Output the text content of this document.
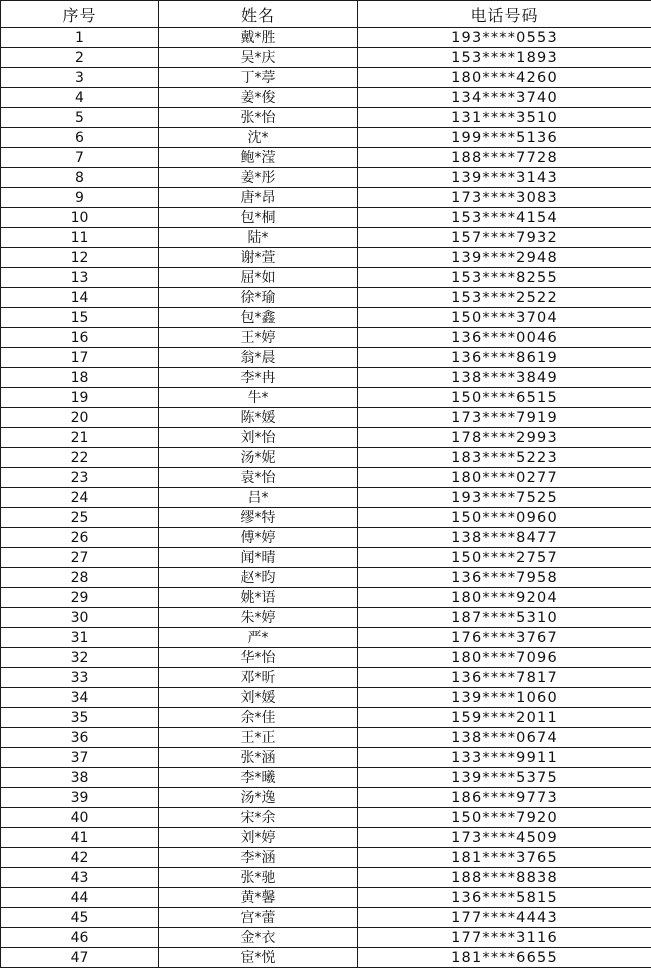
序号	姓名	电话号码
1	戴*胜	193****0553
2	吴*庆	153****1893
3	丁*葶	180****4260
4	姜*俊	134****3740
5	张*怡	131****3510
6	沈*	199****5136
7	鲍*滢	188****7728
8	姜*彤	139****3143
9	唐*昂	173****3083
10	包*桐	153****4154
11	陆*	157****7932
12	谢*萱	139****2948
13	屈*如	153****8255
14	徐*瑜	153****2522
15	包*鑫	150****3704
16	王*婷	136****0046
17	翁*晨	136****8619
18	李*冉	138****3849
19	牛*	150****6515
20	陈*媛	173****7919
21	刘*怡	178****2993
22	汤*妮	183****5223
23	袁*怡	180****0277
24	吕*	193****7525
25	缪*特	150****0960
26	傅*婷	138****8477
27	闻*晴	150****2757
28	赵*昀	136****7958
29	姚*语	180****9204
30	朱*婷	187****5310
31	严*	176****3767
32	华*怡	180****7096
33	邓*昕	136****7817
34	刘*媛	139****1060
35	余*佳	159****2011
36	王*正	138****0674
37	张*涵	133****9911
38	李*曦	139****5375
39	汤*逸	186****9773
40	宋*余	150****7920
41	刘*婷	173****4509
42	李*涵	181****3765
43	张*驰	188****8838
44	黄*馨	136****5815
45	宫*蕾	177****4443
46	金*衣	177****3116
47	宦*悦	181****6655
